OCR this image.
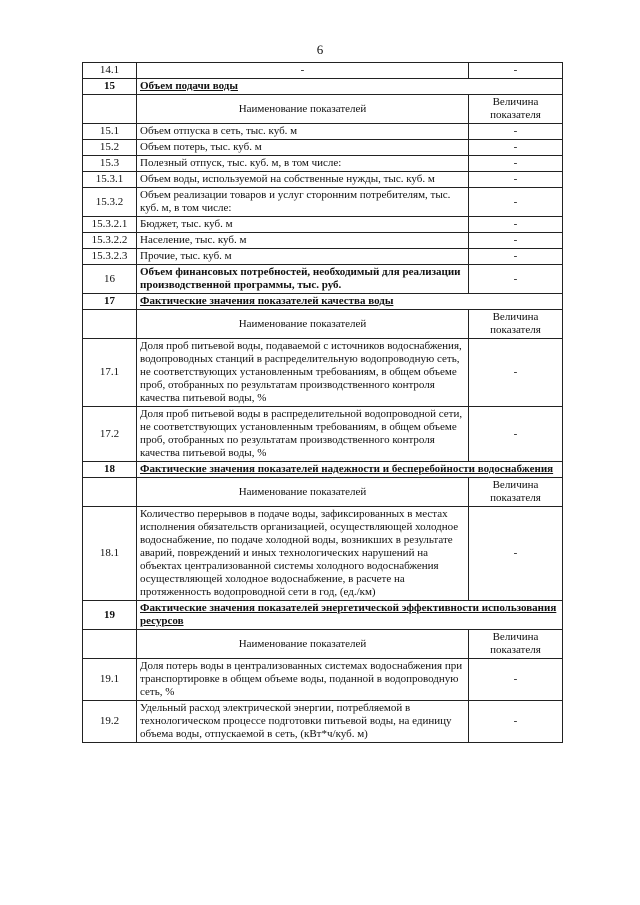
6
14.1	-	-
15	Объем подачи воды	
	Наименование показателей	Величина показателя
15.1	Объем отпуска в сеть, тыс. куб. м	-
15.2	Объем потерь, тыс. куб. м	-
15.3	Полезный отпуск, тыс. куб. м, в том числе:	-
15.3.1	Объем воды, используемой на собственные нужды, тыс. куб. м	-
15.3.2	Объем реализации товаров и услуг сторонним потребителям, тыс. куб. м, в том числе:	-
15.3.2.1	Бюджет, тыс. куб. м	-
15.3.2.2	Население, тыс. куб. м	-
15.3.2.3	Прочие, тыс. куб. м	-
16	Объем финансовых потребностей, необходимый для реализации производственной программы, тыс. руб.	-
17	Фактические значения показателей качества воды	
	Наименование показателей	Величина показателя
17.1	Доля проб питьевой воды, подаваемой с источников водоснабжения, водопроводных станций в распределительную водопроводную сеть, не соответствующих установленным требованиям, в общем объеме проб, отобранных по результатам производственного контроля качества питьевой воды, %	-
17.2	Доля проб питьевой воды в распределительной водопроводной сети, не соответствующих установленным требованиям, в общем объеме проб, отобранных по результатам производственного контроля качества питьевой воды, %	-
18	Фактические значения показателей надежности и бесперебойности водоснабжения	
	Наименование показателей	Величина показателя
18.1	Количество перерывов в подаче воды, зафиксированных в местах исполнения обязательств организацией, осуществляющей холодное водоснабжение, по подаче холодной воды, возникших в результате аварий, повреждений и иных технологических нарушений на объектах централизованной системы холодного водоснабжения осуществляющей холодное водоснабжение, в расчете на протяженность водопроводной сети в год, (ед./км)	-
19	Фактические значения показателей энергетической эффективности использования ресурсов	
	Наименование показателей	Величина показателя
19.1	Доля потерь воды в централизованных системах водоснабжения при транспортировке в общем объеме воды, поданной в водопроводную сеть, %	-
19.2	Удельный расход электрической энергии, потребляемой в технологическом процессе подготовки питьевой воды, на единицу объема воды, отпускаемой в сеть, (кВт*ч/куб. м)	-
